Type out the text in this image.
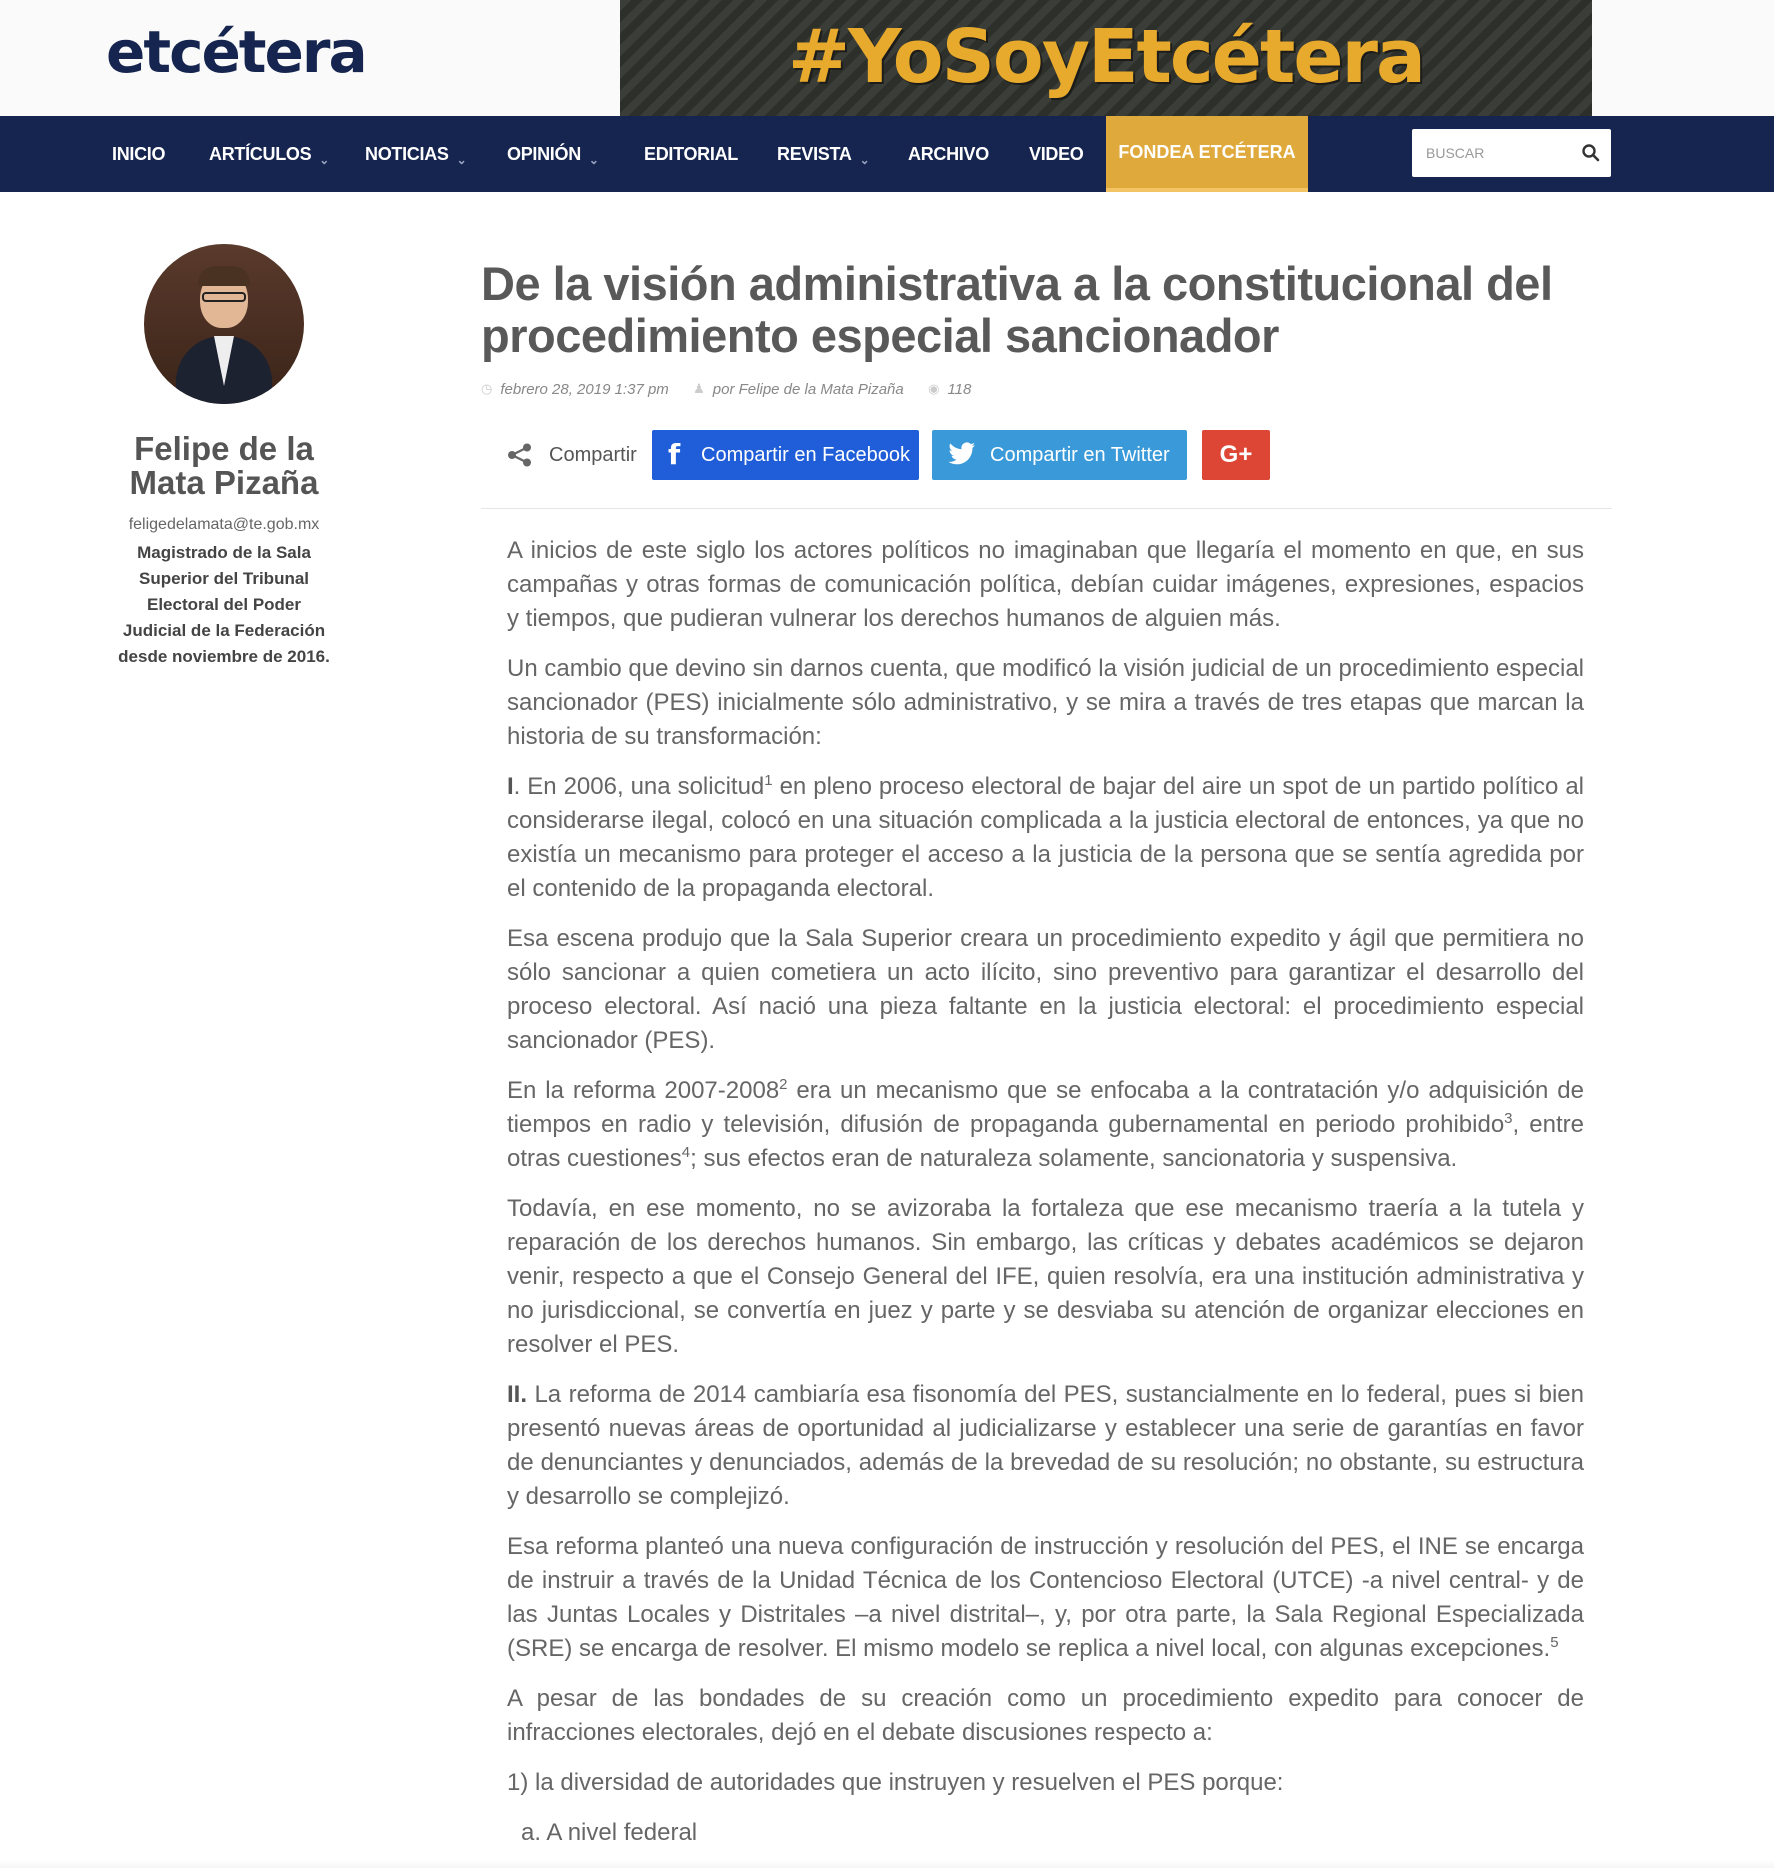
etcétera	#YoSoyEtcétera
INICIO ARTÍCULOS ⌄ NOTICIAS ⌄ OPINIÓN ⌄	EDITORIAL REVISTA ⌄ ARCHIVO VIDEO	FONDEA ETCÉTERA
BUSCAR
Felipe de la Mata Pizaña
feligedelamata@te.gob.mx
Magistrado de la Sala Superior del Tribunal Electoral del Poder Judicial de la Federación desde noviembre de 2016.
De la visión administrativa a la constitucional del procedimiento especial sancionador
◷ febrero 28, 2019 1:37 pm ♟ por Felipe de la Mata Pizaña ◉ 118
Compartir f Compartir en Facebook	Compartir en Twitter	G+

A inicios de este siglo los actores políticos no imaginaban que llegaría el momento en que, en sus campañas y otras formas de comunicación política, debían cuidar imágenes, expresiones, espacios y tiempos, que pudieran vulnerar los derechos humanos de alguien más.

Un cambio que devino sin darnos cuenta, que modificó la visión judicial de un procedimiento especial sancionador (PES) inicialmente sólo administrativo, y se mira a través de tres etapas que marcan la historia de su transformación:

I. En 2006, una solicitud$^1$ en pleno proceso electoral de bajar del aire un spot de un partido político al considerarse ilegal, colocó en una situación complicada a la justicia electoral de entonces, ya que no existía un mecanismo para proteger el acceso a la justicia de la persona que se sentía agredida por el contenido de la propaganda electoral.

Esa escena produjo que la Sala Superior creara un procedimiento expedito y ágil que permitiera no sólo sancionar a quien cometiera un acto ilícito, sino preventivo para garantizar el desarrollo del proceso electoral. Así nació una pieza faltante en la justicia electoral: el procedimiento especial sancionador (PES).

En la reforma 2007-2008$^2$ era un mecanismo que se enfocaba a la contratación y/o adquisición de tiempos en radio y televisión, difusión de propaganda gubernamental en periodo prohibido$^3$, entre otras cuestiones$^4$; sus efectos eran de naturaleza solamente, sancionatoria y suspensiva.

Todavía, en ese momento, no se avizoraba la fortaleza que ese mecanismo traería a la tutela y reparación de los derechos humanos. Sin embargo, las críticas y debates académicos se dejaron venir, respecto a que el Consejo General del IFE, quien resolvía, era una institución administrativa y no jurisdiccional, se convertía en juez y parte y se desviaba su atención de organizar elecciones en resolver el PES.

II. La reforma de 2014 cambiaría esa fisonomía del PES, sustancialmente en lo federal, pues si bien presentó nuevas áreas de oportunidad al judicializarse y establecer una serie de garantías en favor de denunciantes y denunciados, además de la brevedad de su resolución; no obstante, su estructura y desarrollo se complejizó.

Esa reforma planteó una nueva configuración de instrucción y resolución del PES, el INE se encarga de instruir a través de la Unidad Técnica de los Contencioso Electoral (UTCE) -a nivel central- y de las Juntas Locales y Distritales –a nivel distrital–, y, por otra parte, la Sala Regional Especializada (SRE) se encarga de resolver. El mismo modelo se replica a nivel local, con algunas excepciones.$^5$

A pesar de las bondades de su creación como un procedimiento expedito para conocer de infracciones electorales, dejó en el debate discusiones respecto a:

1) la diversidad de autoridades que instruyen y resuelven el PES porque:

a. A nivel federal
